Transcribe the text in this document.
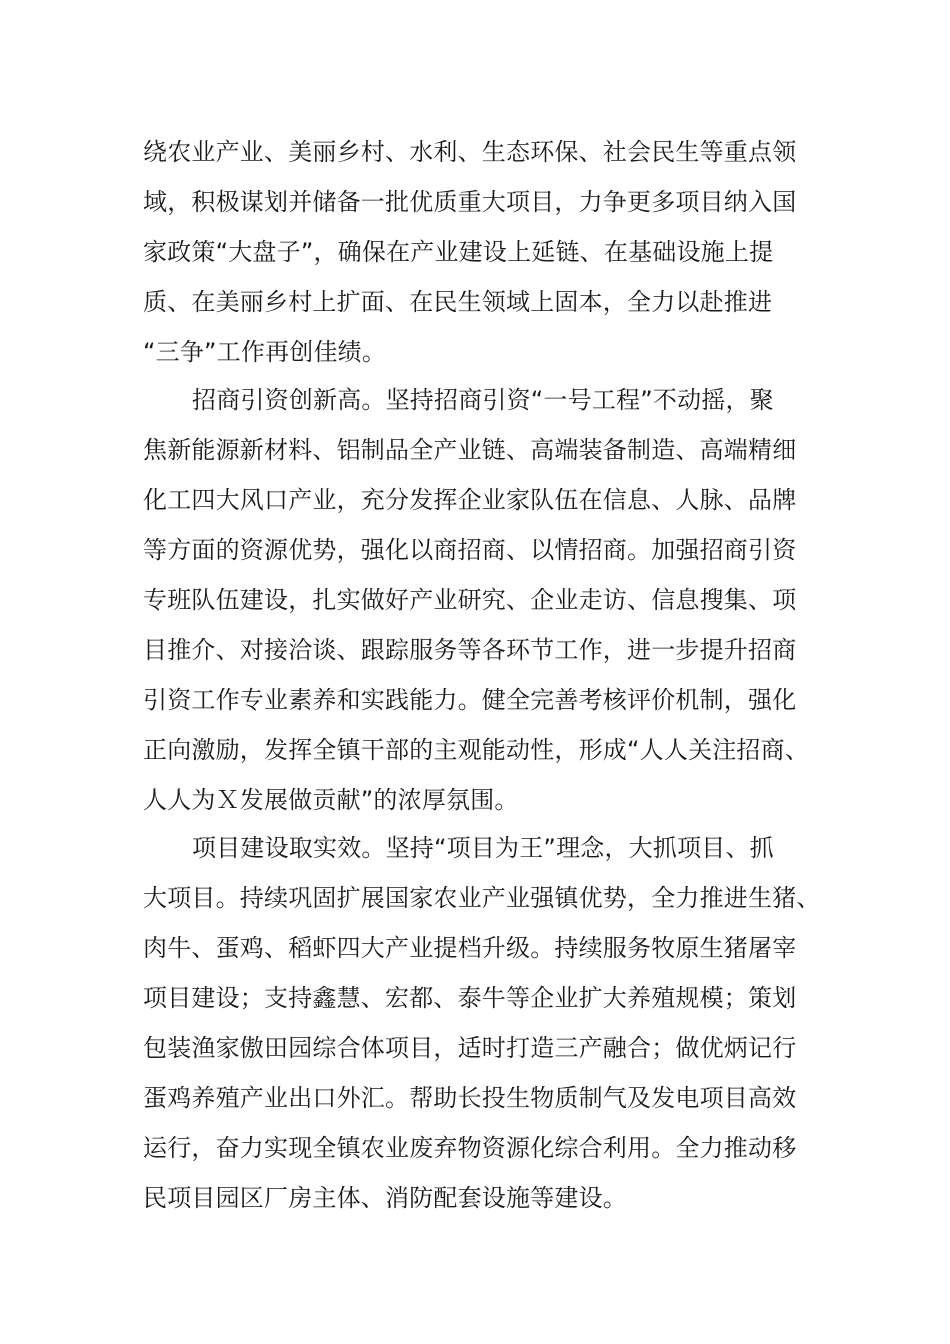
绕农业产业、美丽乡村、水利、生态环保、社会民生等重点领
域，积极谋划并储备一批优质重大项目，力争更多项目纳入国
家政策“大盘子”，确保在产业建设上延链、在基础设施上提
质、在美丽乡村上扩面、在民生领域上固本，全力以赴推进
“三争”工作再创佳绩。
招商引资创新高。坚持招商引资“一号工程”不动摇，聚
焦新能源新材料、铝制品全产业链、高端装备制造、高端精细
化工四大风口产业，充分发挥企业家队伍在信息、人脉、品牌
等方面的资源优势，强化以商招商、以情招商。加强招商引资
专班队伍建设，扎实做好产业研究、企业走访、信息搜集、项
目推介、对接洽谈、跟踪服务等各环节工作，进一步提升招商
引资工作专业素养和实践能力。健全完善考核评价机制，强化
正向激励，发挥全镇干部的主观能动性，形成“人人关注招商、
人人为Ｘ发展做贡献”的浓厚氛围。
项目建设取实效。坚持“项目为王”理念，大抓项目、抓
大项目。持续巩固扩展国家农业产业强镇优势，全力推进生猪、
肉牛、蛋鸡、稻虾四大产业提档升级。持续服务牧原生猪屠宰
项目建设；支持鑫慧、宏都、泰牛等企业扩大养殖规模；策划
包装渔家傲田园综合体项目，适时打造三产融合；做优炳记行
蛋鸡养殖产业出口外汇。帮助长投生物质制气及发电项目高效
运行，奋力实现全镇农业废弃物资源化综合利用。全力推动移
民项目园区厂房主体、消防配套设施等建设。
